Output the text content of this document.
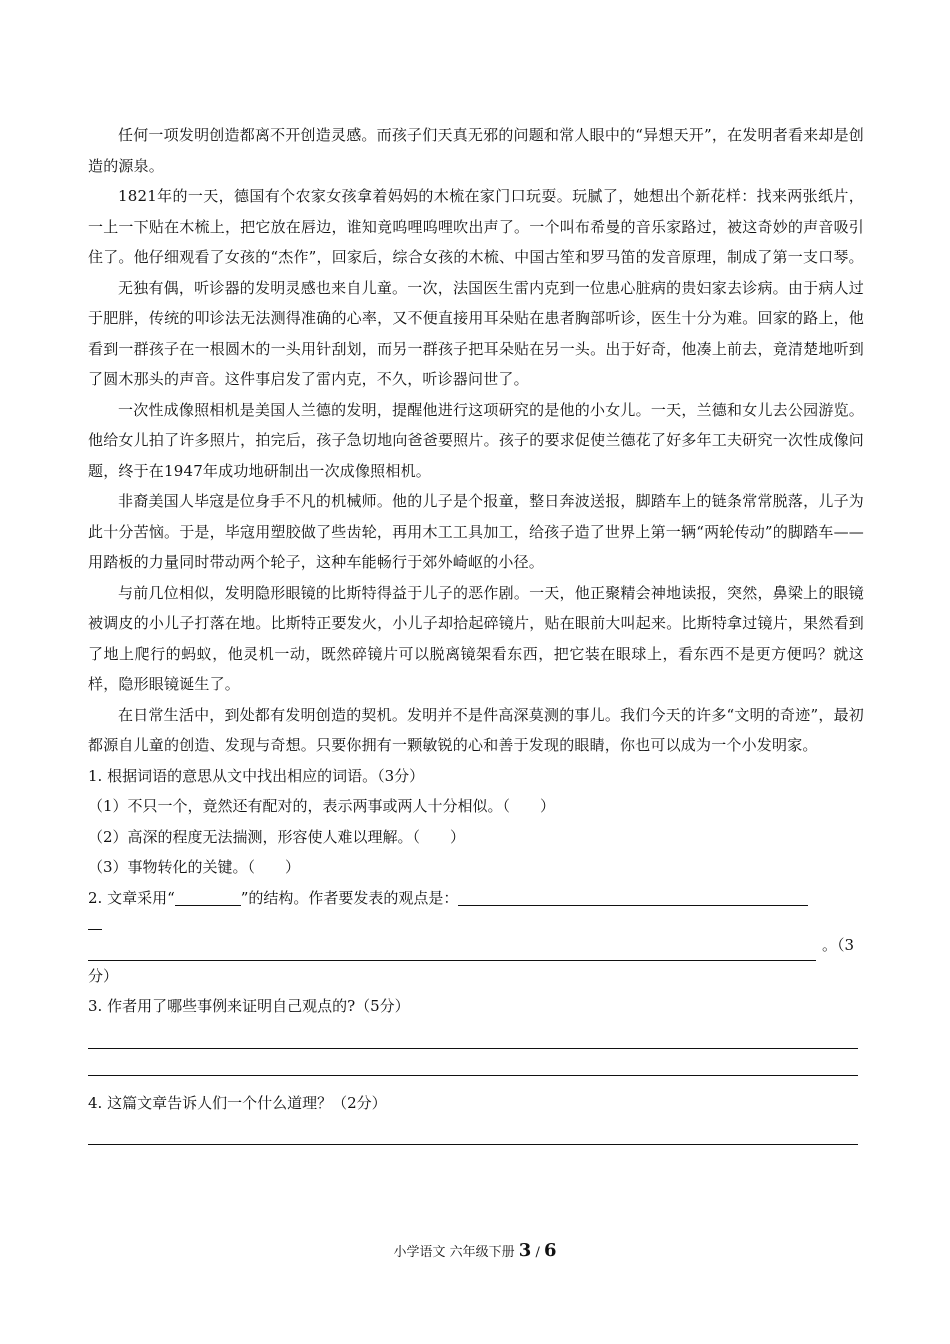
任何一项发明创造都离不开创造灵感。而孩子们天真无邪的问题和常人眼中的“异想天开”，在发明者看来却是创造的源泉。

1821年的一天，德国有个农家女孩拿着妈妈的木梳在家门口玩耍。玩腻了，她想出个新花样：找来两张纸片，一上一下贴在木梳上，把它放在唇边，谁知竟呜哩呜哩吹出声了。一个叫布希曼的音乐家路过，被这奇妙的声音吸引住了。他仔细观看了女孩的“杰作”，回家后，综合女孩的木梳、中国古笙和罗马笛的发音原理，制成了第一支口琴。

无独有偶，听诊器的发明灵感也来自儿童。一次，法国医生雷内克到一位患心脏病的贵妇家去诊病。由于病人过于肥胖，传统的叩诊法无法测得准确的心率，又不便直接用耳朵贴在患者胸部听诊，医生十分为难。回家的路上，他看到一群孩子在一根圆木的一头用针刮划，而另一群孩子把耳朵贴在另一头。出于好奇，他凑上前去，竟清楚地听到了圆木那头的声音。这件事启发了雷内克，不久，听诊器问世了。

一次性成像照相机是美国人兰德的发明，提醒他进行这项研究的是他的小女儿。一天，兰德和女儿去公园游览。他给女儿拍了许多照片，拍完后，孩子急切地向爸爸要照片。孩子的要求促使兰德花了好多年工夫研究一次性成像问题，终于在1947年成功地研制出一次成像照相机。

非裔美国人毕寇是位身手不凡的机械师。他的儿子是个报童，整日奔波送报，脚踏车上的链条常常脱落，儿子为此十分苦恼。于是，毕寇用塑胶做了些齿轮，再用木工工具加工，给孩子造了世界上第一辆“两轮传动”的脚踏车——用踏板的力量同时带动两个轮子，这种车能畅行于郊外崎岖的小径。

与前几位相似，发明隐形眼镜的比斯特得益于儿子的恶作剧。一天，他正聚精会神地读报，突然，鼻梁上的眼镜被调皮的小儿子打落在地。比斯特正要发火，小儿子却拾起碎镜片，贴在眼前大叫起来。比斯特拿过镜片，果然看到了地上爬行的蚂蚁，他灵机一动，既然碎镜片可以脱离镜架看东西，把它装在眼球上，看东西不是更方便吗？就这样，隐形眼镜诞生了。

在日常生活中，到处都有发明创造的契机。发明并不是件高深莫测的事儿。我们今天的许多“文明的奇迹”，最初都源自儿童的创造、发现与奇想。只要你拥有一颗敏锐的心和善于发现的眼睛，你也可以成为一个小发明家。

1. 根据词语的意思从文中找出相应的词语。（3分）

（1）不只一个，竟然还有配对的，表示两事或两人十分相似。（　　）

（2）高深的程度无法揣测，形容使人难以理解。（　　）

（3）事物转化的关键。（　　）

2. 文章采用“	”的结构。作者要发表的观点是：

。（3

分）

3. 作者用了哪些事例来证明自己观点的?（5分）

4. 这篇文章告诉人们一个什么道理？（2分）

小学语文 六年级下册 3 / 6
